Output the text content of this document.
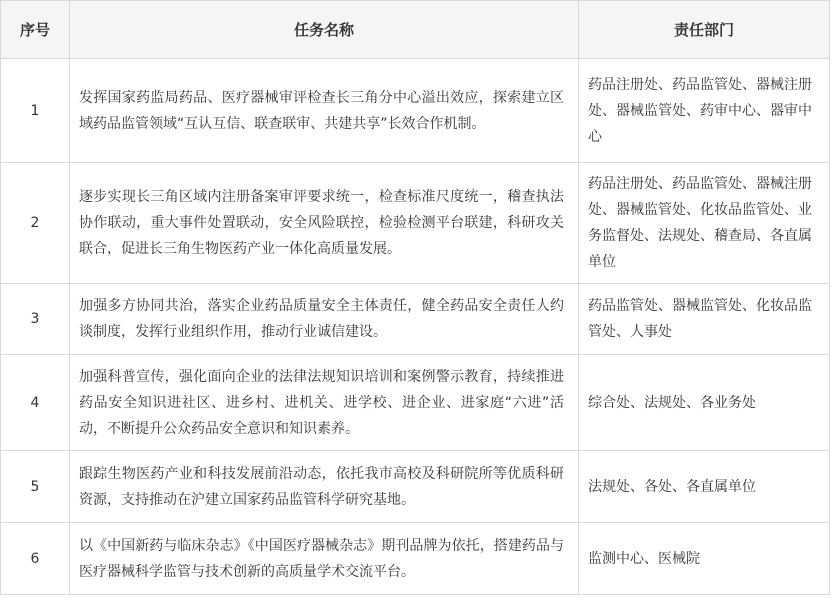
序号	任务名称	责任部门
1	发挥国家药监局药品、医疗器械审评检查长三角分中心溢出效应，探索建立区域药品监管领域“互认互信、联查联审、共建共享”长效合作机制。	药品注册处、药品监管处、器械注册处、器械监管处、药审中心、器审中心
2	逐步实现长三角区域内注册备案审评要求统一，检查标准尺度统一，稽查执法协作联动，重大事件处置联动，安全风险联控，检验检测平台联建，科研攻关联合，促进长三角生物医药产业一体化高质量发展。	药品注册处、药品监管处、器械注册处、器械监管处、化妆品监管处、业务监督处、法规处、稽查局、各直属单位
3	加强多方协同共治，落实企业药品质量安全主体责任，健全药品安全责任人约谈制度，发挥行业组织作用，推动行业诚信建设。	药品监管处、器械监管处、化妆品监管处、人事处
4	加强科普宣传，强化面向企业的法律法规知识培训和案例警示教育，持续推进药品安全知识进社区、进乡村、进机关、进学校、进企业、进家庭“六进”活动，不断提升公众药品安全意识和知识素养。	综合处、法规处、各业务处
5	跟踪生物医药产业和科技发展前沿动态，依托我市高校及科研院所等优质科研资源，支持推动在沪建立国家药品监管科学研究基地。	法规处、各处、各直属单位
6	以《中国新药与临床杂志》《中国医疗器械杂志》期刊品牌为依托，搭建药品与医疗器械科学监管与技术创新的高质量学术交流平台。	监测中心、医械院
